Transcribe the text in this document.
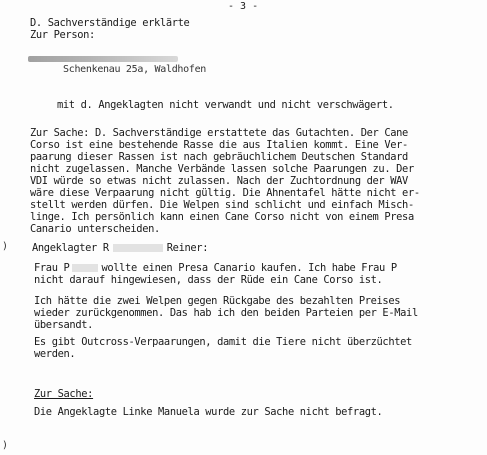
- 3 -
D. Sachverständige erklärte
Zur Person:
Schenkenau 25a, Waldhofen
mit d. Angeklagten nicht verwandt und nicht verschwägert.
Zur Sache: D. Sachverständige erstattete das Gutachten. Der Cane
Corso ist eine bestehende Rasse die aus Italien kommt. Eine Ver-
paarung dieser Rassen ist nach gebräuchlichem Deutschen Standard
nicht zugelassen. Manche Verbände lassen solche Paarungen zu. Der
VDI würde so etwas nicht zulassen. Nach der Zuchtordnung der WAV
wäre diese Verpaarung nicht gültig. Die Ahnentafel hätte nicht er-
stellt werden dürfen. Die Welpen sind schlicht und einfach Misch-
linge. Ich persönlich kann einen Cane Corso nicht von einem Presa
Canario unterscheiden.
) Angeklagter R	Reiner:
Frau P	wollte einen Presa Canario kaufen. Ich habe Frau P
nicht darauf hingewiesen, dass der Rüde ein Cane Corso ist.
Ich hätte die zwei Welpen gegen Rückgabe des bezahlten Preises
wieder zurückgenommen. Das hab ich den beiden Parteien per E-Mail
übersandt.
Es gibt Outcross-Verpaarungen, damit die Tiere nicht überzüchtet
werden.
Zur Sache:
Die Angeklagte Linke Manuela wurde zur Sache nicht befragt.
)
